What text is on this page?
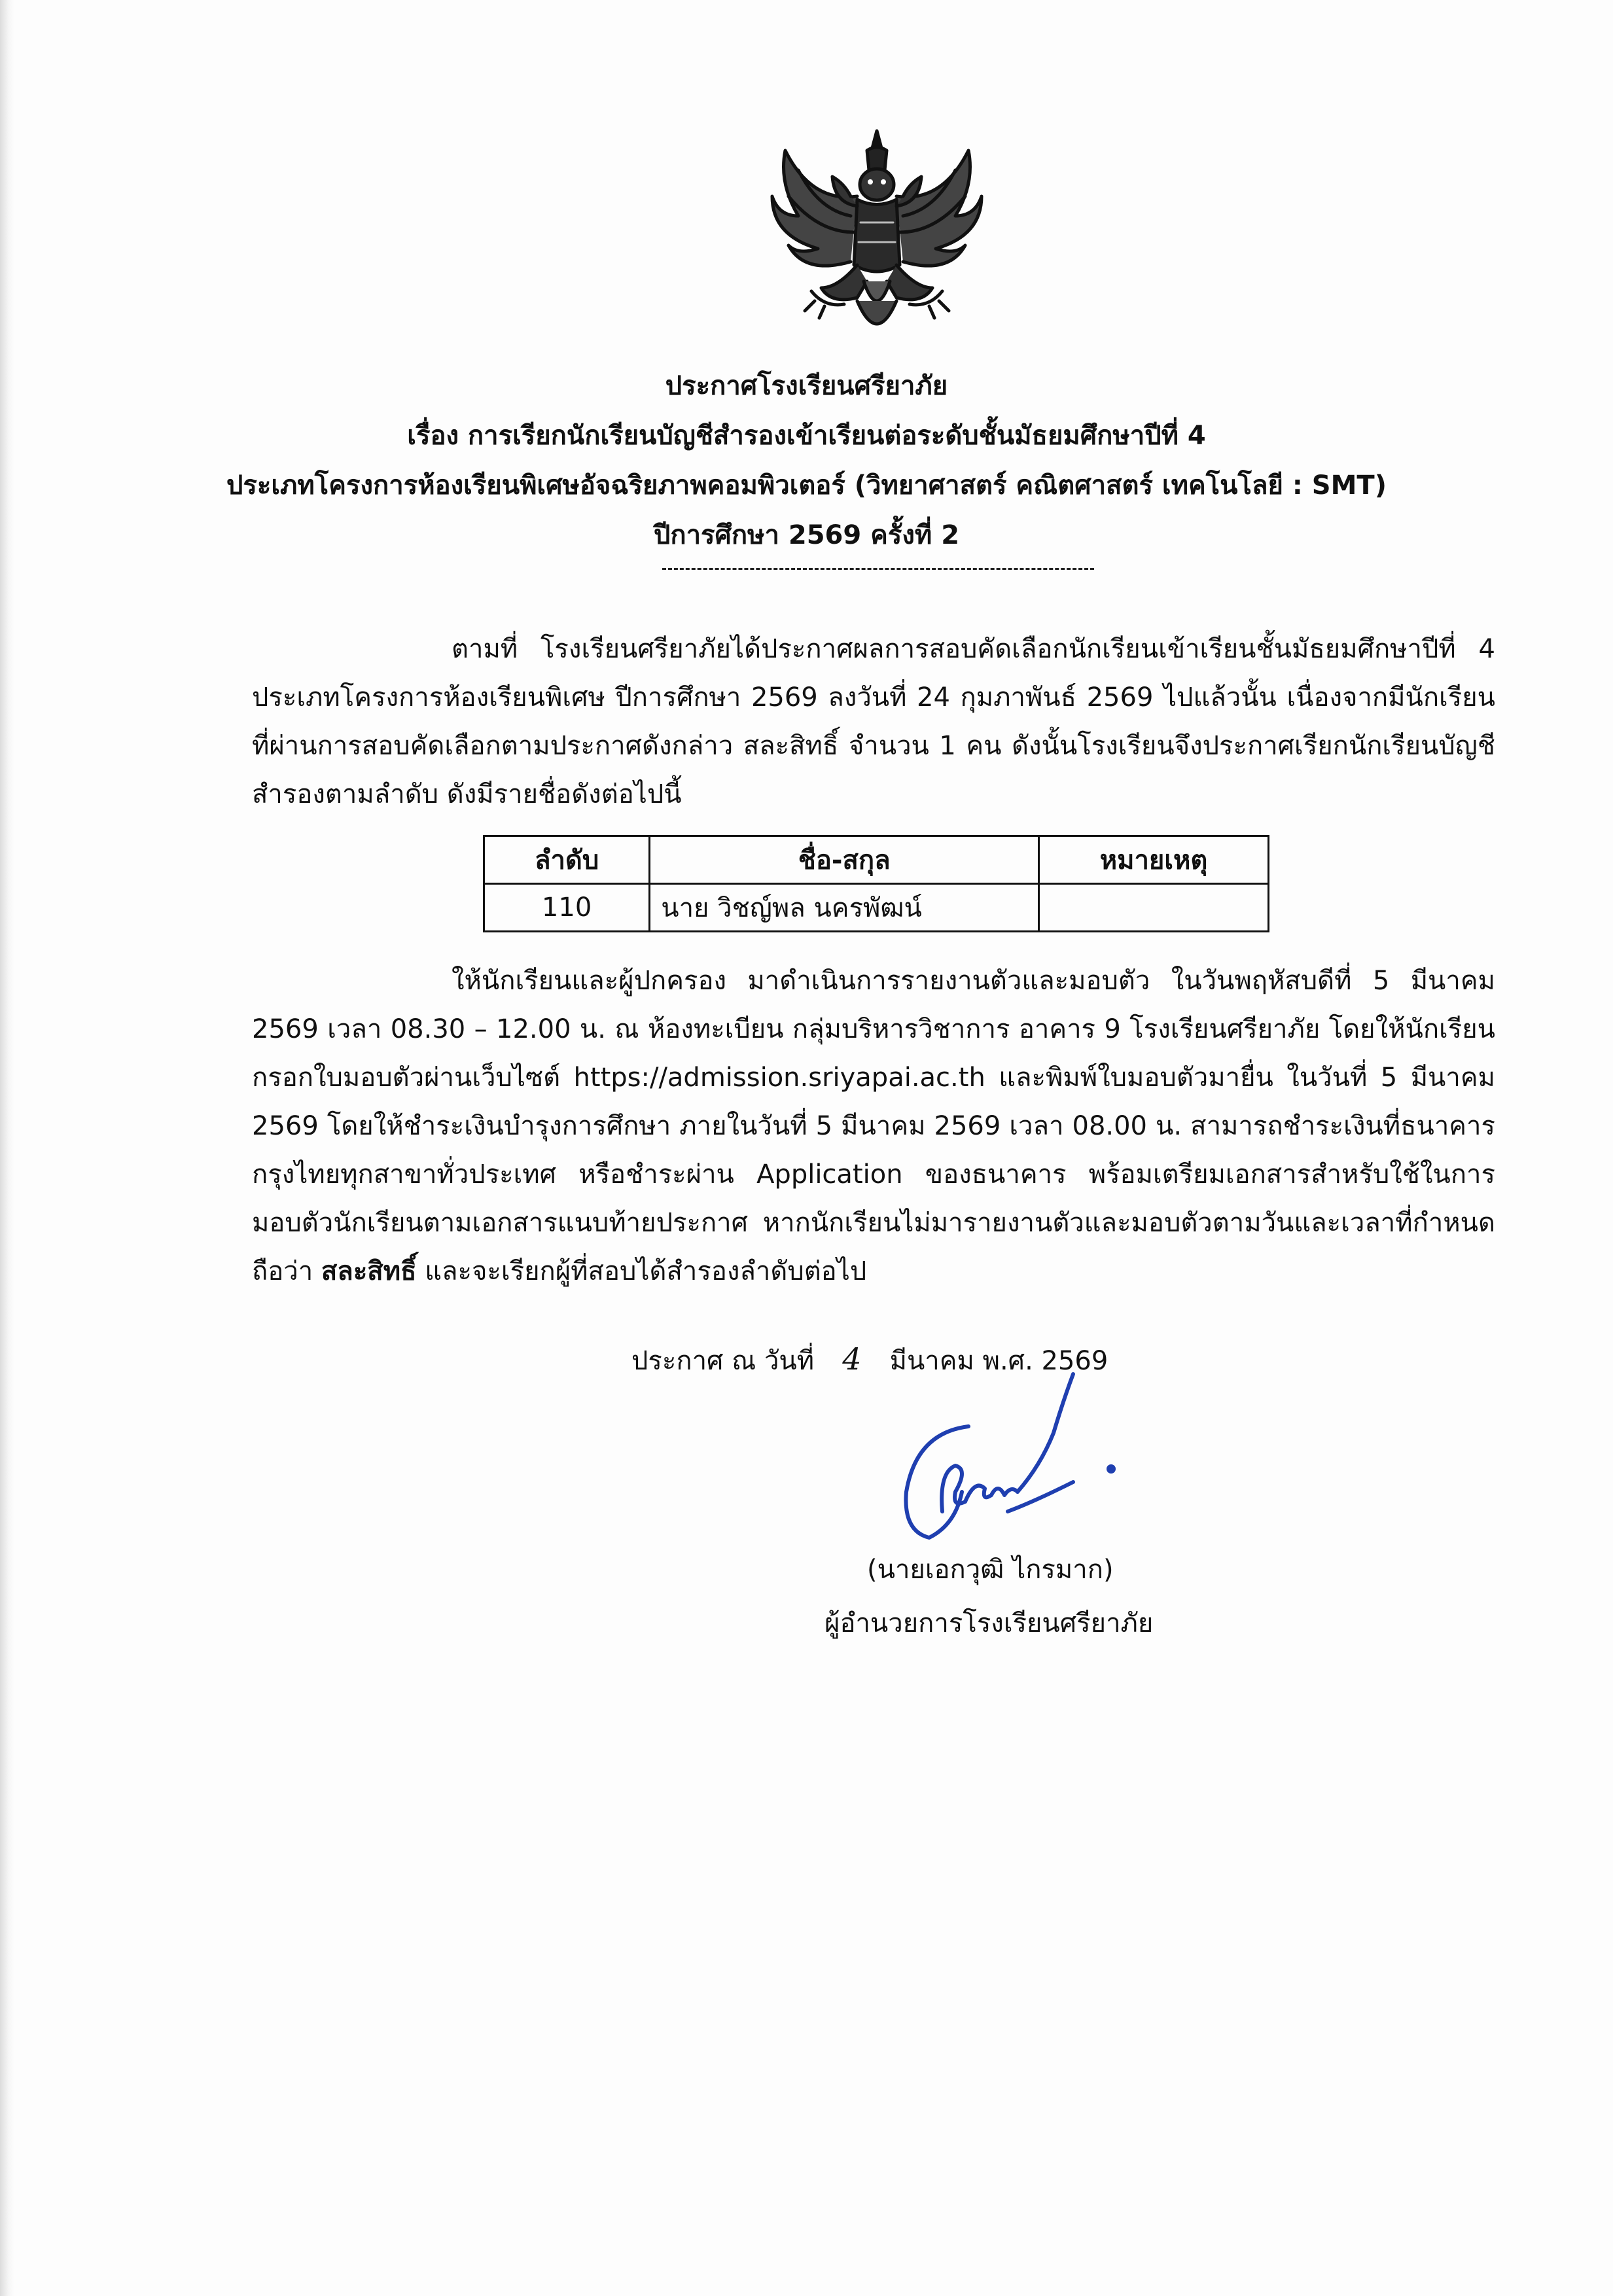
ประกาศโรงเรียนศรียาภัย
เรื่อง การเรียกนักเรียนบัญชีสำรองเข้าเรียนต่อระดับชั้นมัธยมศึกษาปีที่ 4
ประเภทโครงการห้องเรียนพิเศษอัจฉริยภาพคอมพิวเตอร์ (วิทยาศาสตร์ คณิตศาสตร์ เทคโนโลยี : SMT)
ปีการศึกษา 2569 ครั้งที่ 2
ตามที่ โรงเรียนศรียาภัยได้ประกาศผลการสอบคัดเลือกนักเรียนเข้าเรียนชั้นมัธยมศึกษาปีที่ 4 ประเภทโครงการห้องเรียนพิเศษ ปีการศึกษา 2569 ลงวันที่ 24 กุมภาพันธ์ 2569 ไปแล้วนั้น เนื่องจากมีนักเรียนที่ผ่านการสอบคัดเลือกตามประกาศดังกล่าว สละสิทธิ์ จำนวน 1 คน ดังนั้นโรงเรียนจึงประกาศเรียกนักเรียนบัญชีสำรองตามลำดับ ดังมีรายชื่อดังต่อไปนี้
ลำดับ	ชื่อ-สกุล	หมายเหตุ
110	นาย วิชญ์พล นครพัฒน์	
ให้นักเรียนและผู้ปกครอง มาดำเนินการรายงานตัวและมอบตัว ในวันพฤหัสบดีที่ 5 มีนาคม 2569 เวลา 08.30 – 12.00 น. ณ ห้องทะเบียน กลุ่มบริหารวิชาการ อาคาร 9 โรงเรียนศรียาภัย โดยให้นักเรียนกรอกใบมอบตัวผ่านเว็บไซต์ https://admission.sriyapai.ac.th และพิมพ์ใบมอบตัวมายื่น ในวันที่ 5 มีนาคม 2569 โดยให้ชำระเงินบำรุงการศึกษา ภายในวันที่ 5 มีนาคม 2569 เวลา 08.00 น. สามารถชำระเงินที่ธนาคารกรุงไทยทุกสาขาทั่วประเทศ หรือชำระผ่าน Application ของธนาคาร พร้อมเตรียมเอกสารสำหรับใช้ในการมอบตัวนักเรียนตามเอกสารแนบท้ายประกาศ หากนักเรียนไม่มารายงานตัวและมอบตัวตามวันและเวลาที่กำหนดถือว่า สละสิทธิ์ และจะเรียกผู้ที่สอบได้สำรองลำดับต่อไป
ประกาศ ณ วันที่ 4 มีนาคม พ.ศ. 2569
(นายเอกวุฒิ ไกรมาก)
ผู้อำนวยการโรงเรียนศรียาภัย
